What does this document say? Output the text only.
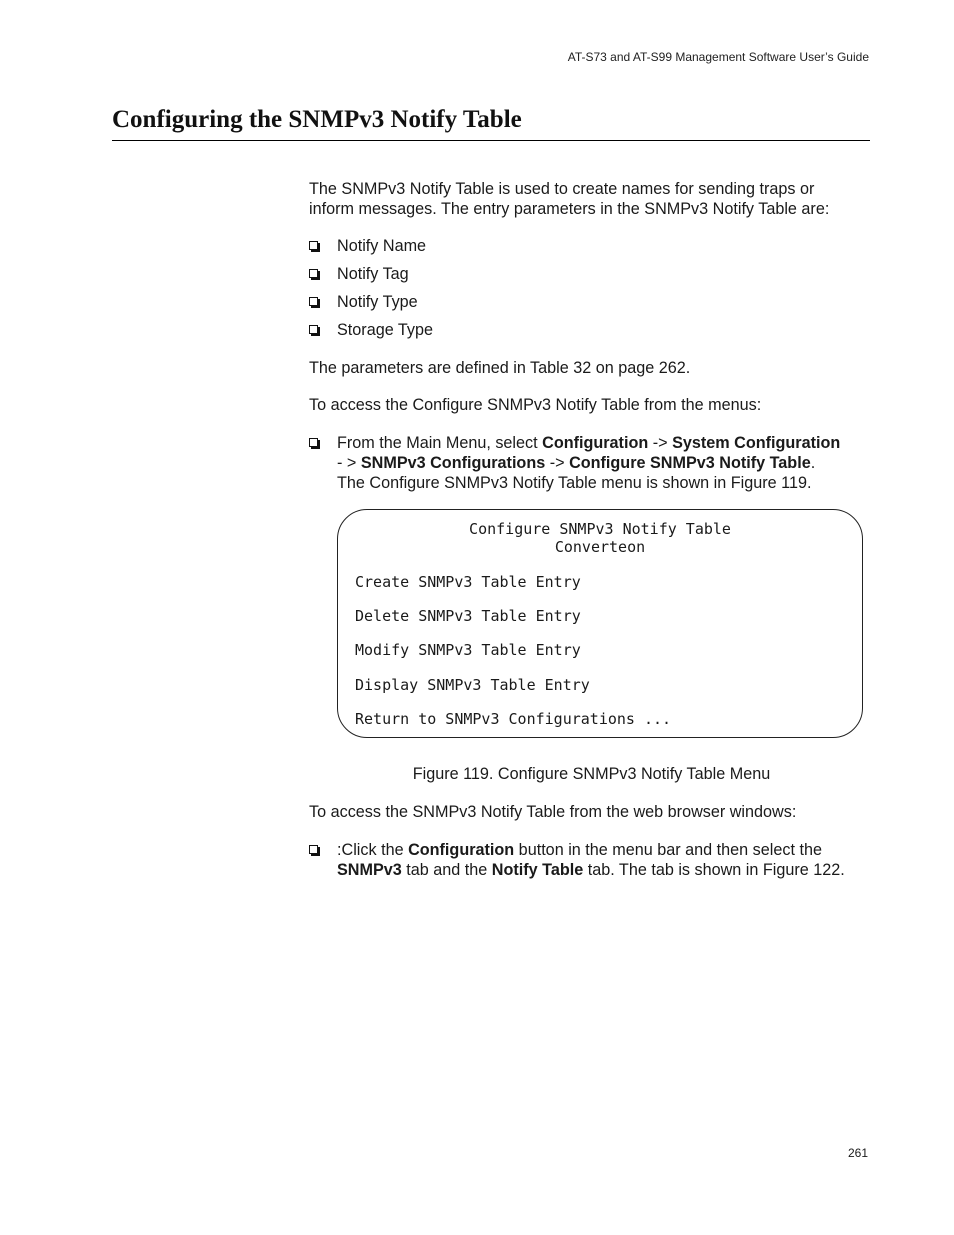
AT-S73 and AT-S99 Management Software User’s Guide
Configuring the SNMPv3 Notify Table

The SNMPv3 Notify Table is used to create names for sending traps or

inform messages. The entry parameters in the SNMPv3 Notify Table are:

Notify Name
Notify Tag
Notify Type
Storage Type

The parameters are defined in Table 32 on page 262.

To access the Configure SNMPv3 Notify Table from the menus:

From the Main Menu, select Configuration -> System Configuration
- > SNMPv3 Configurations -> Configure SNMPv3 Notify Table.
The Configure SNMPv3 Notify Table menu is shown in Figure 119.
Configure SNMPv3 Notify Table
Converteon
Create SNMPv3 Table Entry
Delete SNMPv3 Table Entry
Modify SNMPv3 Table Entry
Display SNMPv3 Table Entry
Return to SNMPv3 Configurations ...

Figure 119. Configure SNMPv3 Notify Table Menu

To access the SNMPv3 Notify Table from the web browser windows:

:Click the Configuration button in the menu bar and then select the
SNMPv3 tab and the Notify Table tab. The tab is shown in Figure 122.
261
